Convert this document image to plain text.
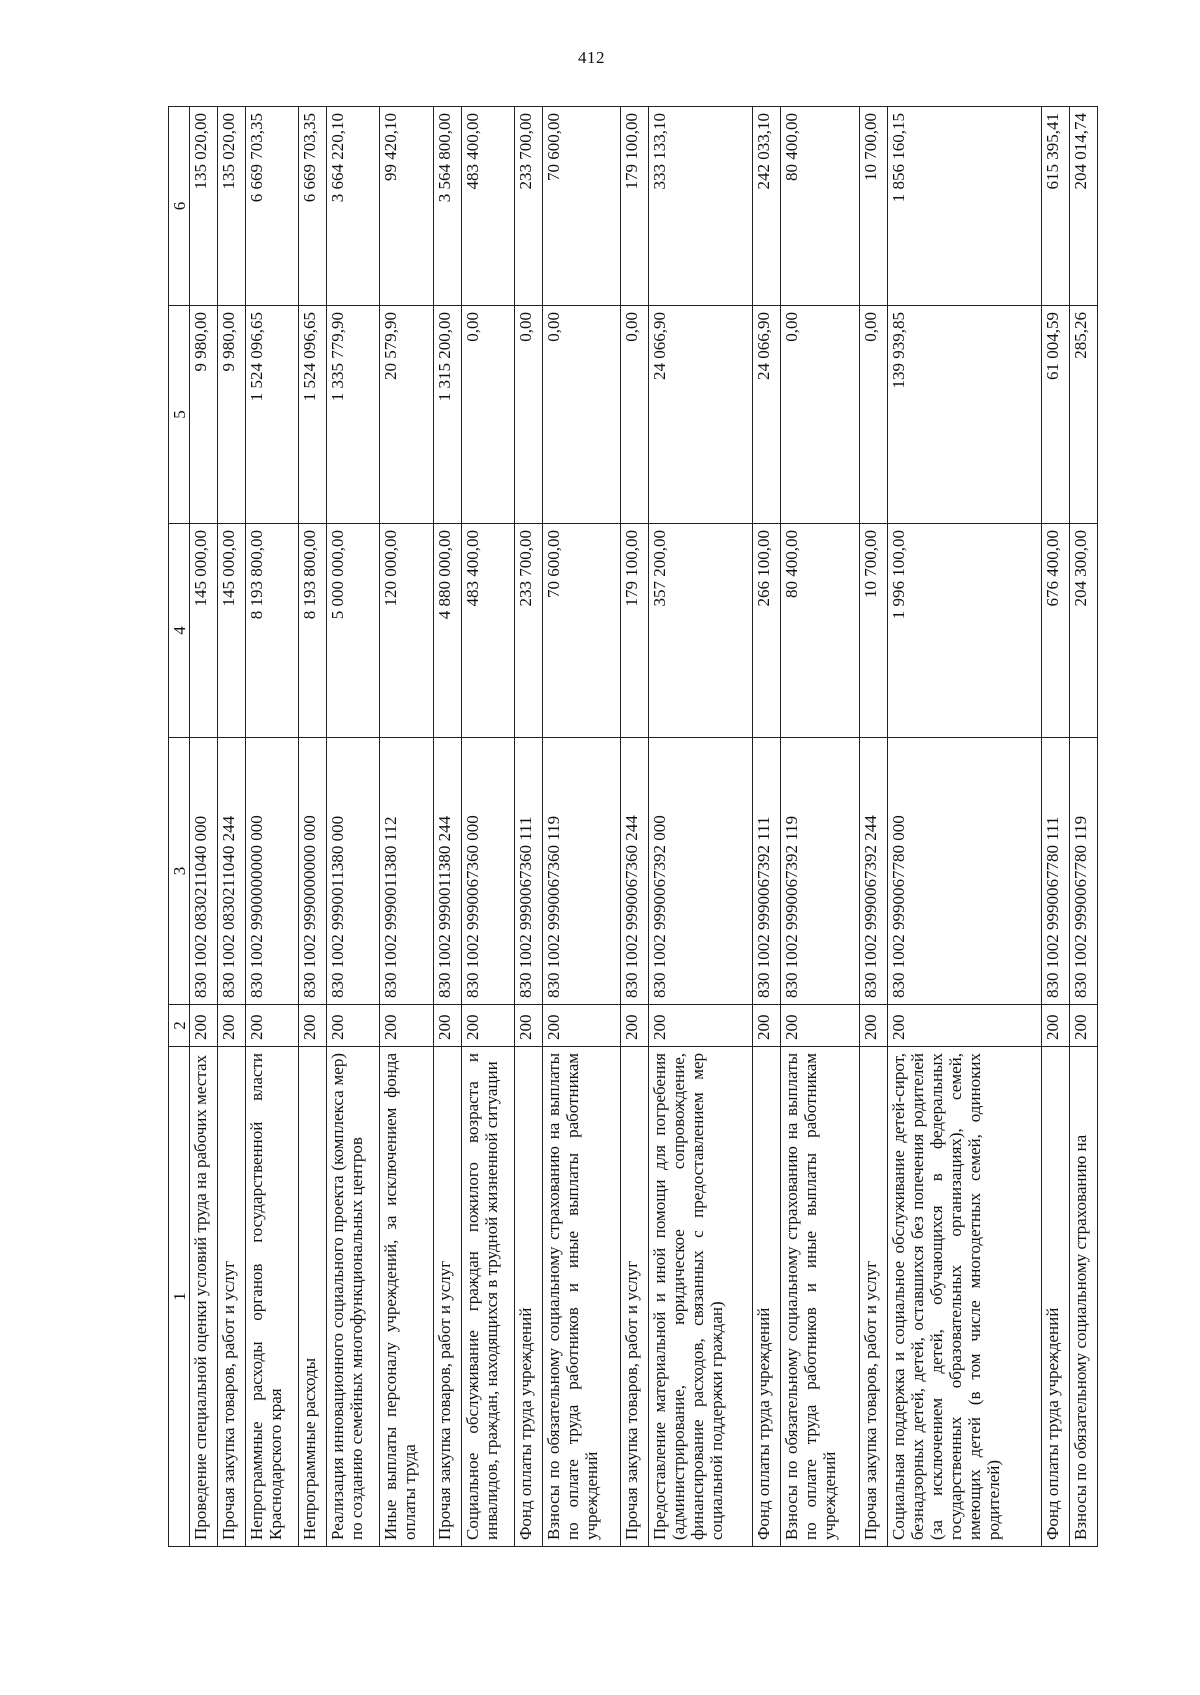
412
1	2	3	4	5	6
Проведение специальной оценки условий труда на рабочих местах	200	830 1002 0830211040 000	145 000,00	9 980,00	135 020,00
Прочая закупка товаров, работ и услуг	200	830 1002 0830211040 244	145 000,00	9 980,00	135 020,00
Непрограммные расходы органов государственной власти Краснодарского края	200	830 1002 9900000000 000	8 193 800,00	1 524 096,65	6 669 703,35
Непрограммные расходы	200	830 1002 9990000000 000	8 193 800,00	1 524 096,65	6 669 703,35
Реализация инновационного социального проекта (комплекса мер) по созданию семейных многофункциональных центров	200	830 1002 9990011380 000	5 000 000,00	1 335 779,90	3 664 220,10
Иные выплаты персоналу учреждений, за исключением фонда оплаты труда	200	830 1002 9990011380 112	120 000,00	20 579,90	99 420,10
Прочая закупка товаров, работ и услуг	200	830 1002 9990011380 244	4 880 000,00	1 315 200,00	3 564 800,00
Социальное обслуживание граждан пожилого возраста и инвалидов, граждан, находящихся в трудной жизненной ситуации	200	830 1002 9990067360 000	483 400,00	0,00	483 400,00
Фонд оплаты труда учреждений	200	830 1002 9990067360 111	233 700,00	0,00	233 700,00
Взносы по обязательному социальному страхованию на выплаты по оплате труда работников и иные выплаты работникам учреждений	200	830 1002 9990067360 119	70 600,00	0,00	70 600,00
Прочая закупка товаров, работ и услуг	200	830 1002 9990067360 244	179 100,00	0,00	179 100,00
Предоставление материальной и иной помощи для погребения (администрирование, юридическое сопровождение, финансирование расходов, связанных с предоставлением мер социальной поддержки граждан)	200	830 1002 9990067392 000	357 200,00	24 066,90	333 133,10
Фонд оплаты труда учреждений	200	830 1002 9990067392 111	266 100,00	24 066,90	242 033,10
Взносы по обязательному социальному страхованию на выплаты по оплате труда работников и иные выплаты работникам учреждений	200	830 1002 9990067392 119	80 400,00	0,00	80 400,00
Прочая закупка товаров, работ и услуг	200	830 1002 9990067392 244	10 700,00	0,00	10 700,00
Социальная поддержка и социальное обслуживание детей-сирот, безнадзорных детей, детей, оставшихся без попечения родителей (за исключением детей, обучающихся в федеральных государственных образовательных организациях), семей, имеющих детей (в том числе многодетных семей, одиноких родителей)	200	830 1002 9990067780 000	1 996 100,00	139 939,85	1 856 160,15
Фонд оплаты труда учреждений	200	830 1002 9990067780 111	676 400,00	61 004,59	615 395,41
Взносы по обязательному социальному страхованию на	200	830 1002 9990067780 119	204 300,00	285,26	204 014,74
